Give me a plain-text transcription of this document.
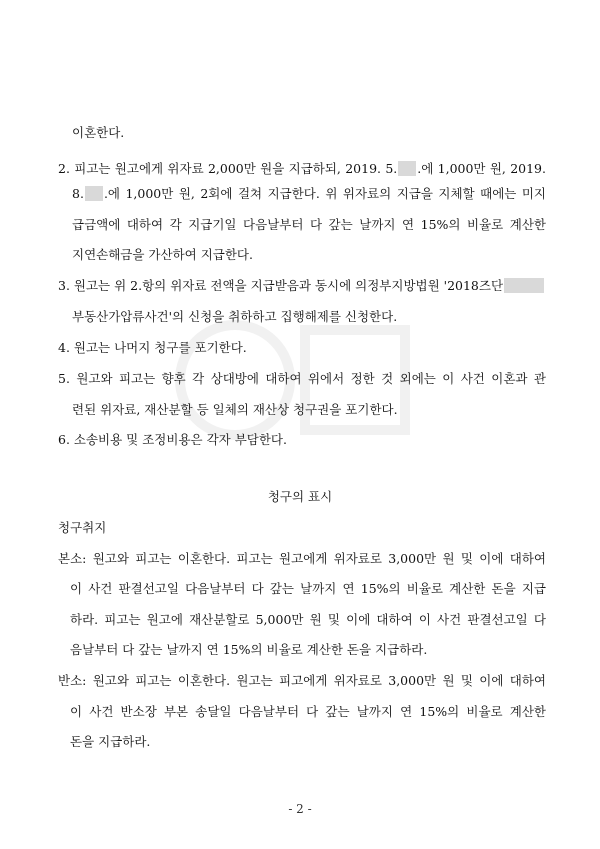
이혼한다.
2. 피고는 원고에게 위자료 2,000만 원을 지급하되, 2019. 5. .에 1,000만 원, 2019.
8. .에 1,000만 원, 2회에 걸쳐 지급한다. 위 위자료의 지급을 지체할 때에는 미지
급금액에 대하여 각 지급기일 다음날부터 다 갚는 날까지 연 15%의 비율로 계산한
지연손해금을 가산하여 지급한다.
3. 원고는 위 2.항의 위자료 전액을 지급받음과 동시에 의정부지방법원 '2018즈단
부동산가압류사건'의 신청을 취하하고 집행해제를 신청한다.
4. 원고는 나머지 청구를 포기한다.
5. 원고와 피고는 향후 각 상대방에 대하여 위에서 정한 것 외에는 이 사건 이혼과 관
련된 위자료, 재산분할 등 일체의 재산상 청구권을 포기한다.
6. 소송비용 및 조정비용은 각자 부담한다.
청구의 표시
청구취지
본소: 원고와 피고는 이혼한다. 피고는 원고에게 위자료로 3,000만 원 및 이에 대하여
이 사건 판결선고일 다음날부터 다 갚는 날까지 연 15%의 비율로 계산한 돈을 지급
하라. 피고는 원고에 재산분할로 5,000만 원 및 이에 대하여 이 사건 판결선고일 다
음날부터 다 갚는 날까지 연 15%의 비율로 계산한 돈을 지급하라.
반소: 원고와 피고는 이혼한다. 원고는 피고에게 위자료로 3,000만 원 및 이에 대하여
이 사건 반소장 부본 송달일 다음날부터 다 갚는 날까지 연 15%의 비율로 계산한
돈을 지급하라.
- 2 -
